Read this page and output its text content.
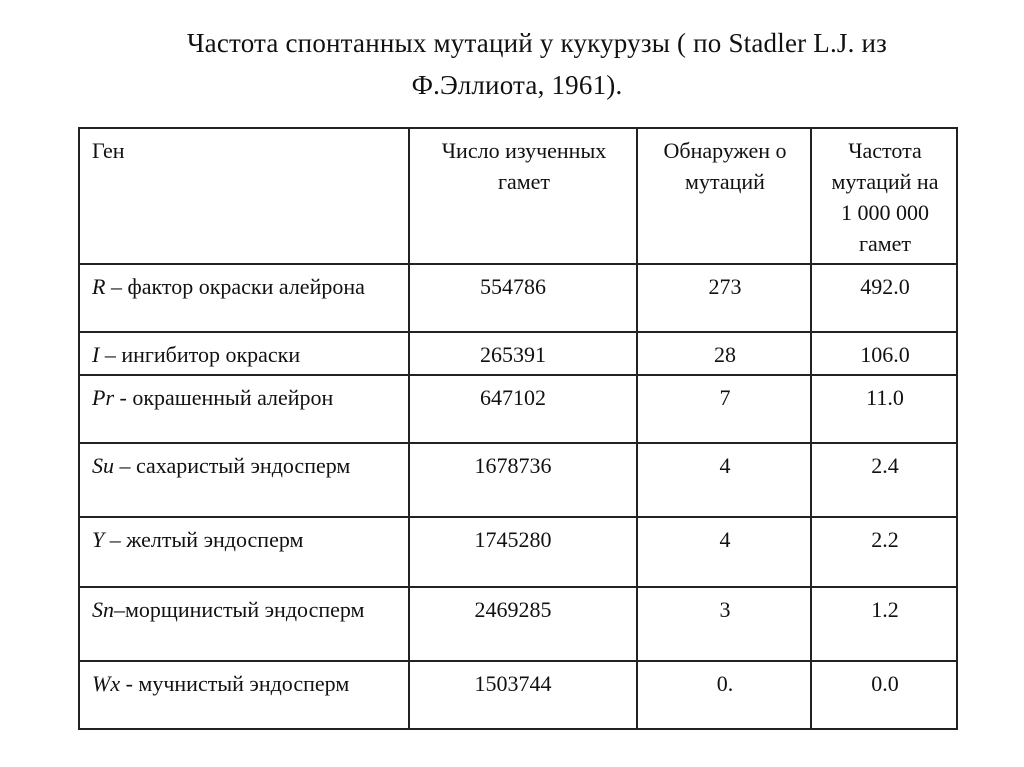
Частота спонтанных мутаций у кукурузы ( по Stadler L.J. из
Ф.Эллиота, 1961).
Ген	Число изученных гамет	Обнаружен о мутаций	Частота мутаций на 1 000 000 гамет

R – фактор окраски алейрона	554786	273	492.0

I – ингибитор окраски	265391	28	106.0

Pr - окрашенный алейрон	647102	7	11.0

Su – сахаристый эндосперм	1678736	4	2.4

Y – желтый эндосперм	1745280	4	2.2

Sn–морщинистый эндосперм	2469285	3	1.2

Wx - мучнистый эндосперм	1503744	0.	0.0
